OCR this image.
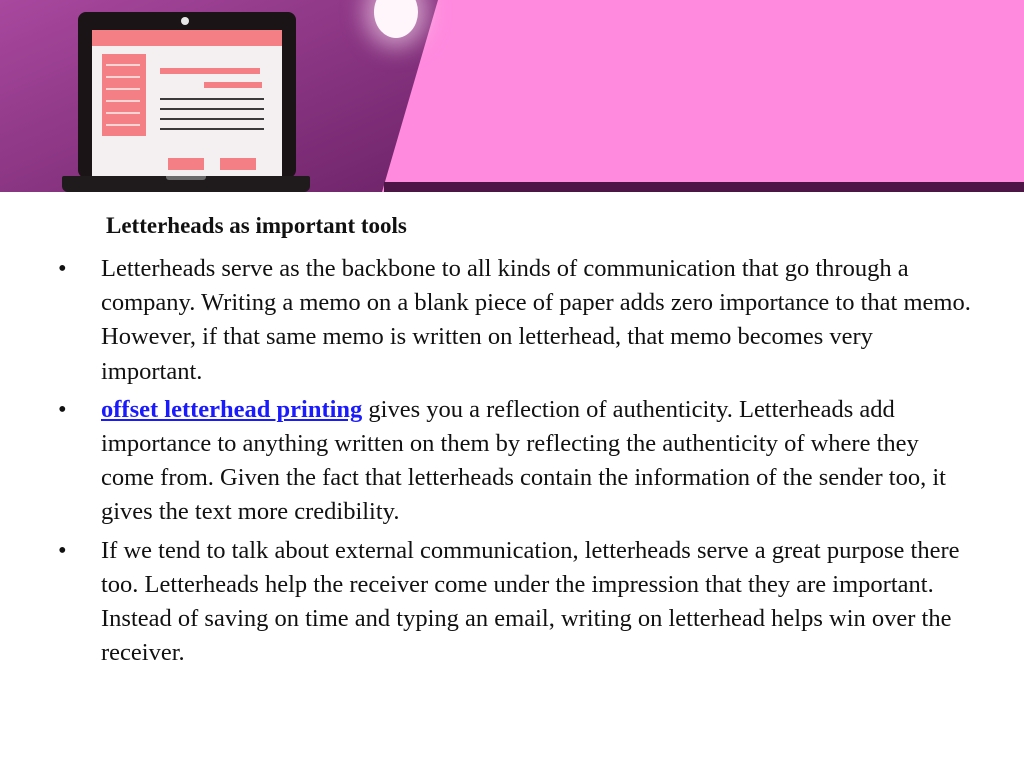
Letterheads as important tools
• Letterheads serve as the backbone to all kinds of communication that go through a company. Writing a memo on a blank piece of paper adds zero importance to that memo. However, if that same memo is written on letterhead, that memo becomes very important.
• offset letterhead printing gives you a reflection of authenticity. Letterheads add importance to anything written on them by reflecting the authenticity of where they come from. Given the fact that letterheads contain the information of the sender too, it gives the text more credibility.
• If we tend to talk about external communication, letterheads serve a great purpose there too. Letterheads help the receiver come under the impression that they are important. Instead of saving on time and typing an email, writing on letterhead helps win over the receiver.
